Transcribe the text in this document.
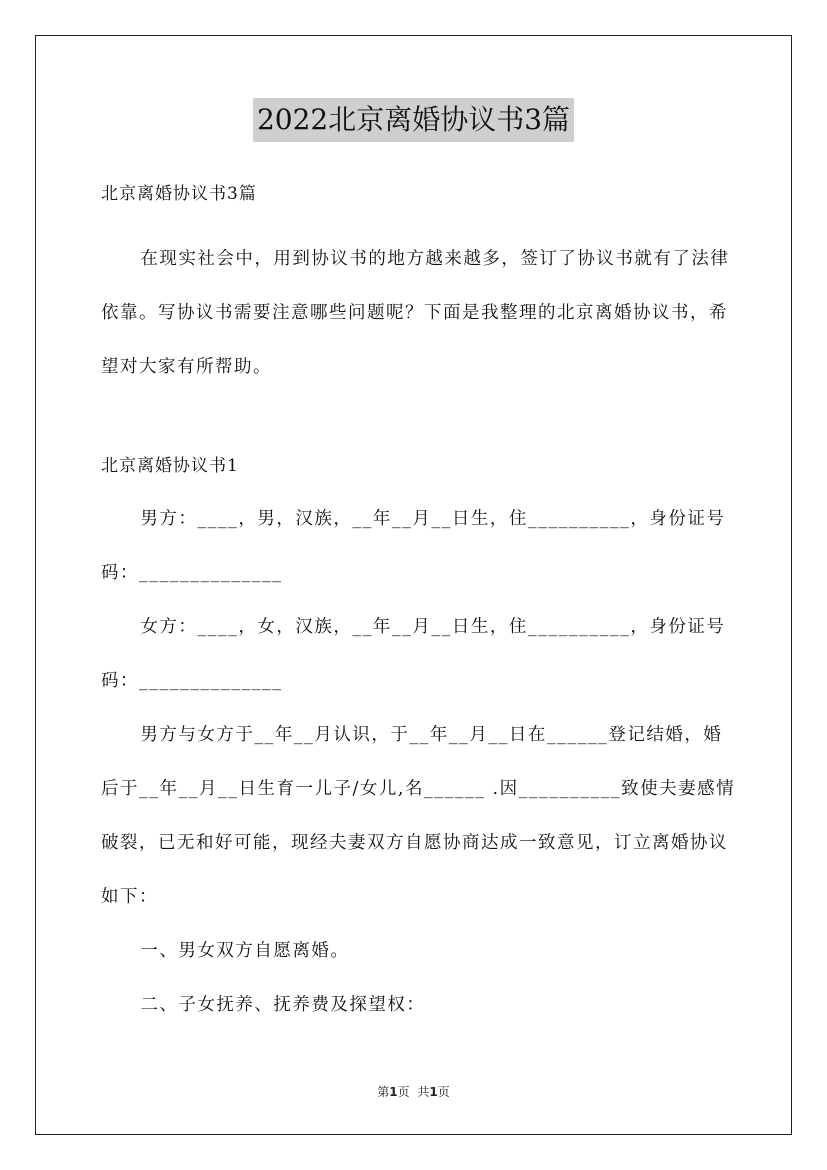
2022北京离婚协议书3篇
北京离婚协议书3篇
在现实社会中，用到协议书的地方越来越多，签订了协议书就有了法律依靠。写协议书需要注意哪些问题呢？下面是我整理的北京离婚协议书，希望对大家有所帮助。
北京离婚协议书1
男方：____，男，汉族，__年__月__日生，住__________，身份证号码：______________
女方：____，女，汉族，__年__月__日生，住__________，身份证号码：______________
男方与女方于__年__月认识，于__年__月__日在______登记结婚，婚后于__年__月__日生育一儿子/女儿,名______ .因__________致使夫妻感情破裂，已无和好可能，现经夫妻双方自愿协商达成一致意见，订立离婚协议如下：
一、男女双方自愿离婚。
二、子女抚养、抚养费及探望权：
第1页 共1页
